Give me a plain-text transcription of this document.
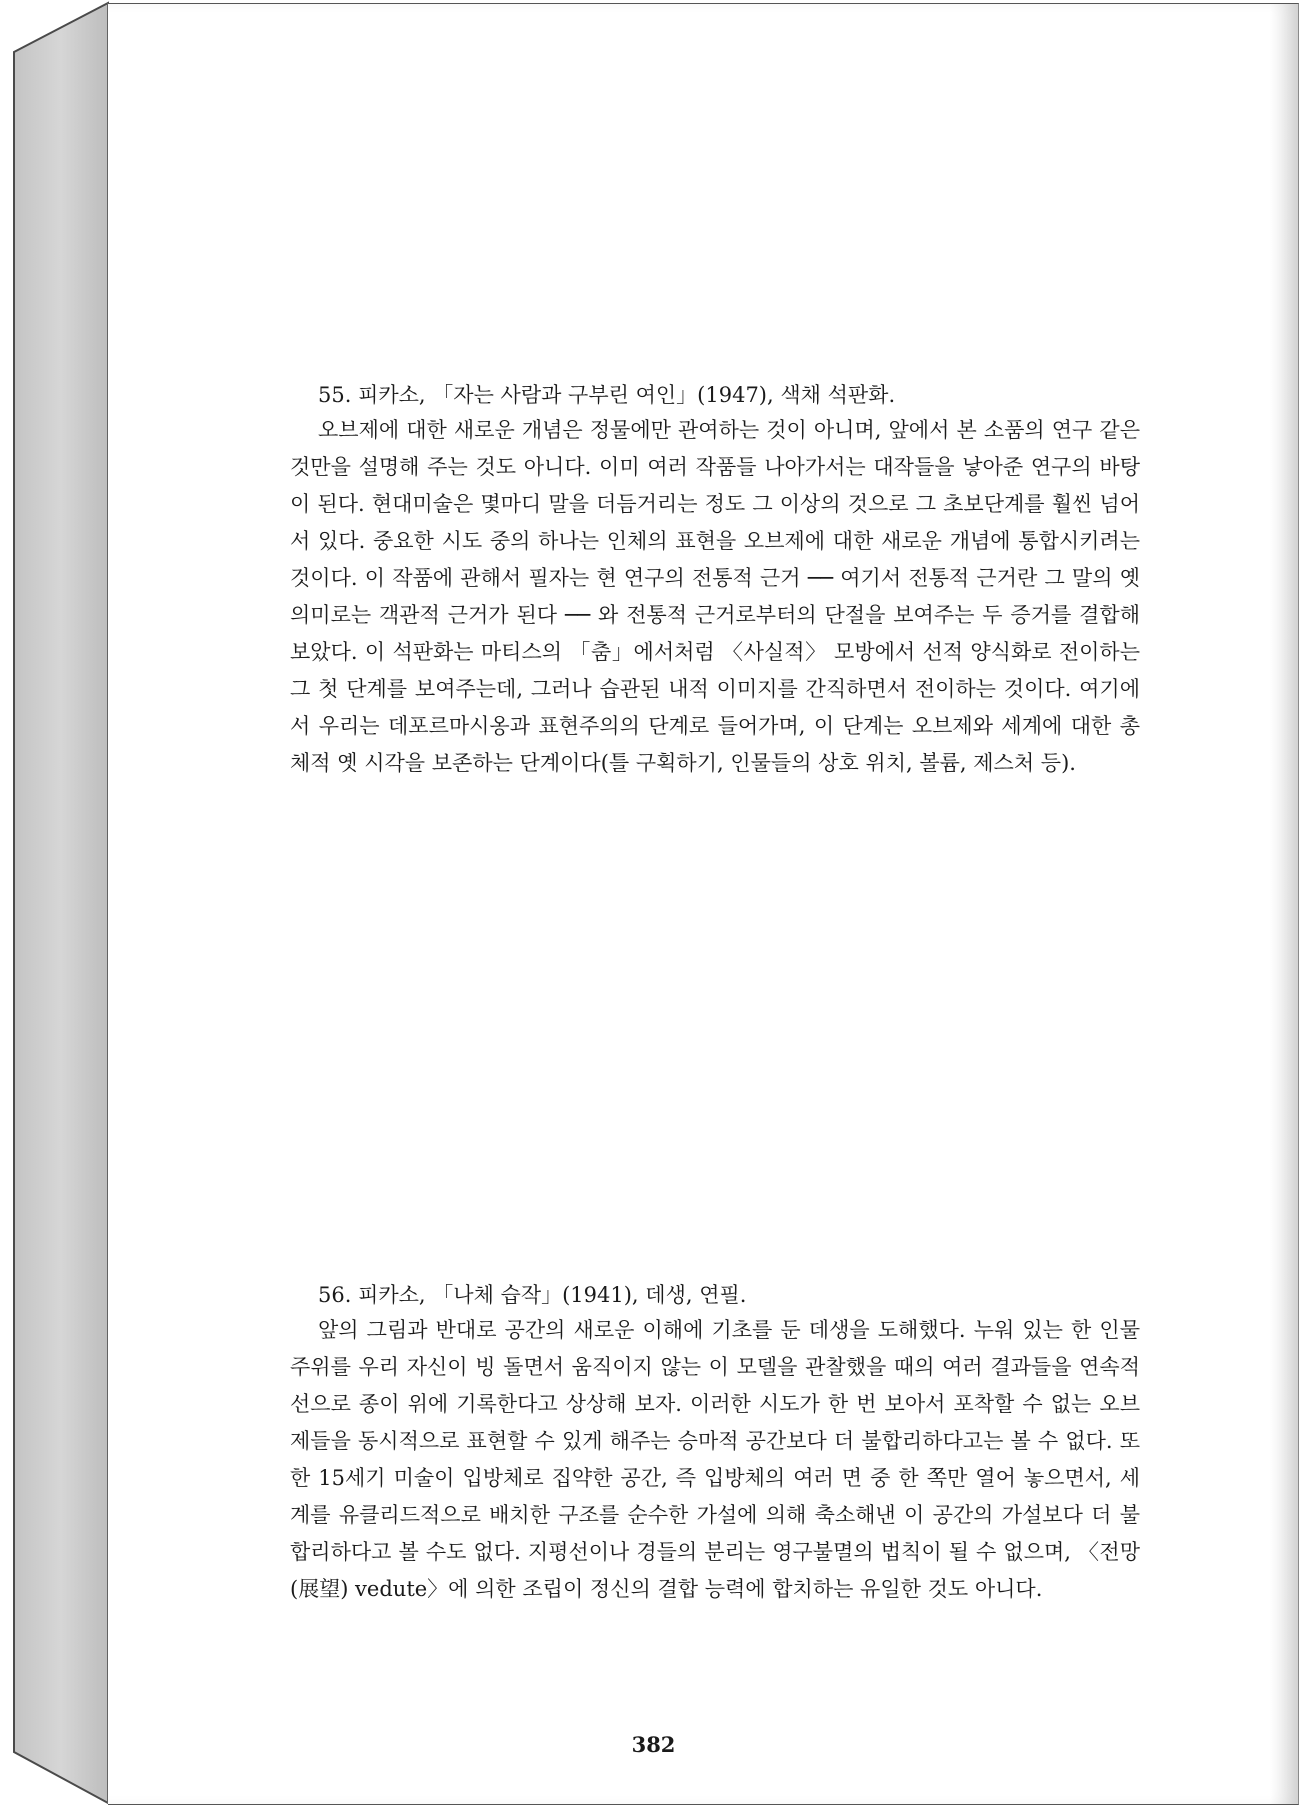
55. 피카소, 「자는 사람과 구부린 여인」(1947), 색채 석판화.

오브제에 대한 새로운 개념은 정물에만 관여하는 것이 아니며, 앞에서 본 소품의 연구 같은 것만을 설명해 주는 것도 아니다. 이미 여러 작품들 나아가서는 대작들을 낳아준 연구의 바탕이 된다. 현대미술은 몇마디 말을 더듬거리는 정도 그 이상의 것으로 그 초보단계를 훨씬 넘어서 있다. 중요한 시도 중의 하나는 인체의 표현을 오브제에 대한 새로운 개념에 통합시키려는 것이다. 이 작품에 관해서 필자는 현 연구의 전통적 근거 ── 여기서 전통적 근거란 그 말의 옛 의미로는 객관적 근거가 된다 ── 와 전통적 근거로부터의 단절을 보여주는 두 증거를 결합해 보았다. 이 석판화는 마티스의 「춤」에서처럼 〈사실적〉 모방에서 선적 양식화로 전이하는 그 첫 단계를 보여주는데, 그러나 습관된 내적 이미지를 간직하면서 전이하는 것이다. 여기에서 우리는 데포르마시옹과 표현주의의 단계로 들어가며, 이 단계는 오브제와 세계에 대한 총체적 옛 시각을 보존하는 단계이다(틀 구획하기, 인물들의 상호 위치, 볼륨, 제스처 등).

56. 피카소, 「나체 습작」(1941), 데생, 연필.

앞의 그림과 반대로 공간의 새로운 이해에 기초를 둔 데생을 도해했다. 누워 있는 한 인물 주위를 우리 자신이 빙 돌면서 움직이지 않는 이 모델을 관찰했을 때의 여러 결과들을 연속적 선으로 종이 위에 기록한다고 상상해 보자. 이러한 시도가 한 번 보아서 포착할 수 없는 오브제들을 동시적으로 표현할 수 있게 해주는 승마적 공간보다 더 불합리하다고는 볼 수 없다. 또한 15세기 미술이 입방체로 집약한 공간, 즉 입방체의 여러 면 중 한 쪽만 열어 놓으면서, 세계를 유클리드적으로 배치한 구조를 순수한 가설에 의해 축소해낸 이 공간의 가설보다 더 불합리하다고 볼 수도 없다. 지평선이나 경들의 분리는 영구불멸의 법칙이 될 수 없으며, 〈전망(展望) vedute〉에 의한 조립이 정신의 결합 능력에 합치하는 유일한 것도 아니다.

382
